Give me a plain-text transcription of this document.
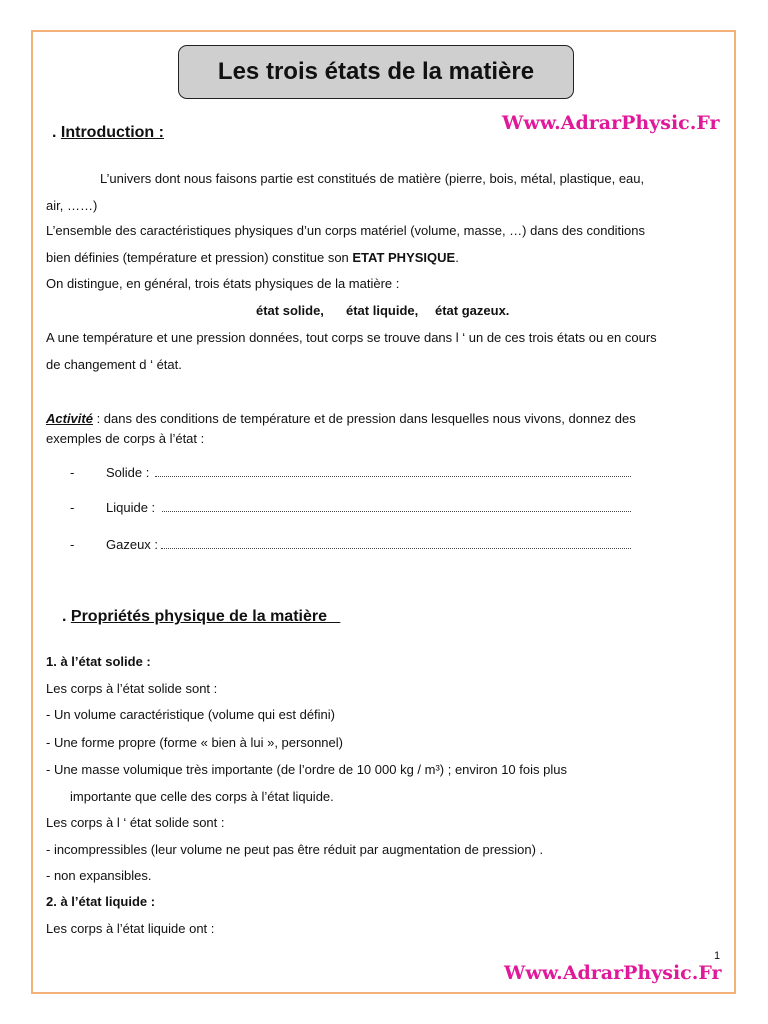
Les trois états de la matière
Www.AdrarPhysic.Fr
. Introduction :
L’univers dont nous faisons partie est constitués de matière (pierre, bois, métal, plastique, eau,
air, ……)
L’ensemble des caractéristiques physiques d’un corps matériel (volume, masse, …) dans des conditions
bien définies (température et pression) constitue son ETAT PHYSIQUE.
On distingue, en général, trois états physiques de la matière :
état solide, état liquide, état gazeux.
A une température et une pression données, tout corps se trouve dans l ‘ un de ces trois états ou en cours
de changement d ‘ état.
Activité : dans des conditions de température et de pression dans lesquelles nous vivons, donnez des
exemples de corps à l’état :
- Solide :
- Liquide :
- Gazeux :
. Propriétés physique de la matière
1. à l’état solide :
Les corps à l’état solide sont :
- Un volume caractéristique (volume qui est défini)
- Une forme propre (forme « bien à lui », personnel)
- Une masse volumique très importante (de l’ordre de 10 000 kg / m³) ; environ 10 fois plus
importante que celle des corps à l’état liquide.
Les corps à l ‘ état solide sont :
- incompressibles (leur volume ne peut pas être réduit par augmentation de pression) .
- non expansibles.
2. à l’état liquide :
Les corps à l’état liquide ont :
1
Www.AdrarPhysic.Fr
